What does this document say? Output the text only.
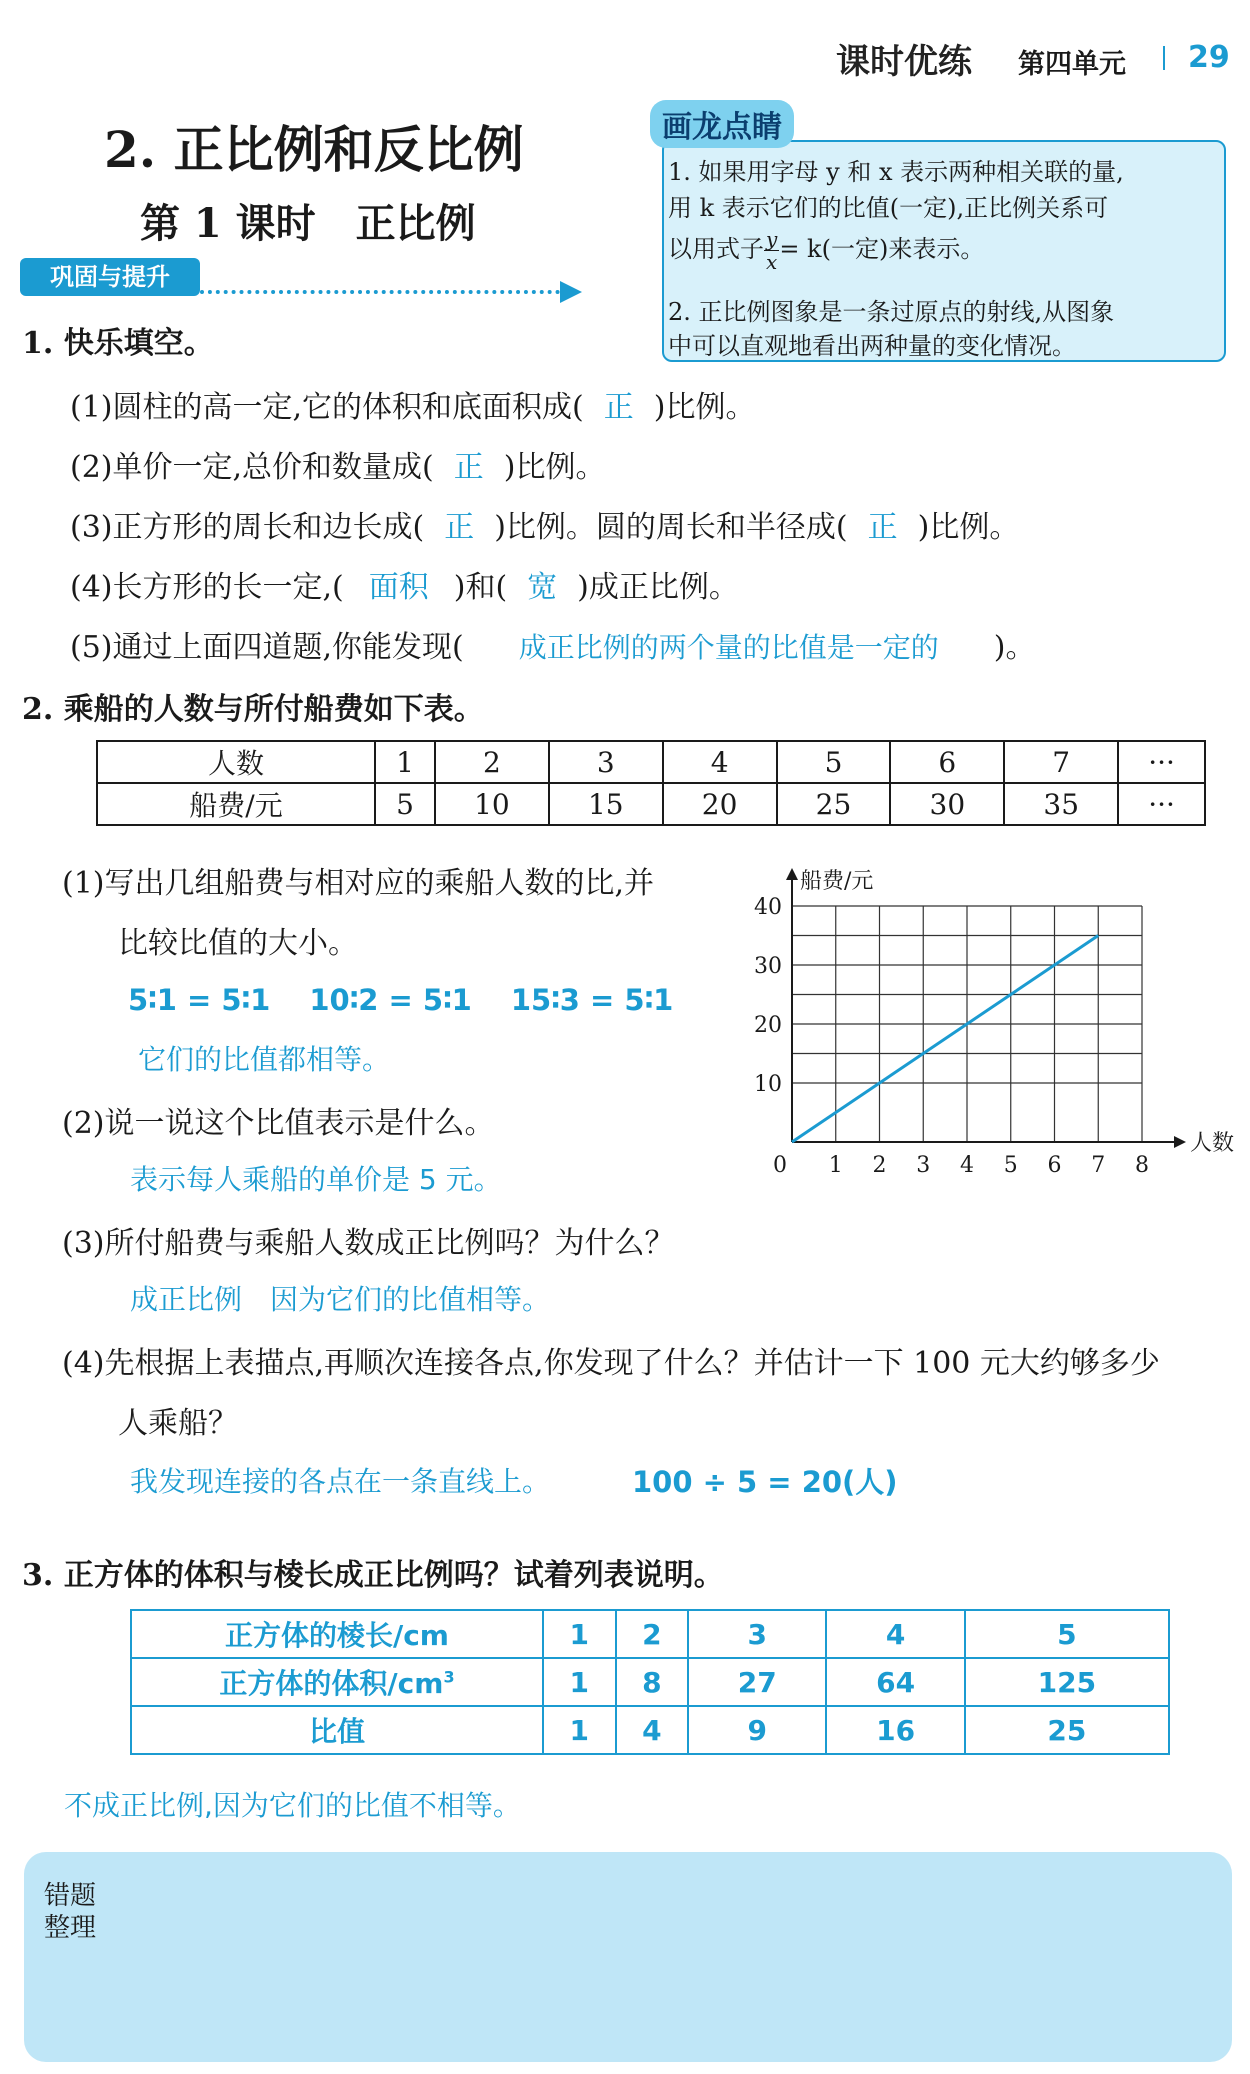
课时优练 第四单元 29
2. 正比例和反比例
第 1 课时　正比例
巩固与提升
画龙点睛
1. 如果用字母 y 和 x 表示两种相关联的量,
用 k 表示它们的比值(一定),正比例关系可
以用式子 $\frac{y}{x} = k$(一定)来表示。
2. 正比例图象是一条过原点的射线,从图象
中可以直观地看出两种量的变化情况。
1. 快乐填空。
(1)圆柱的高一定,它的体积和底面积成( 正 )比例。
(2)单价一定,总价和数量成( 正 )比例。
(3)正方形的周长和边长成( 正 )比例。圆的周长和半径成( 正 )比例。
(4)长方形的长一定,( 面积 )和( 宽 )成正比例。
(5)通过上面四道题,你能发现( 成正比例的两个量的比值是一定的 )。
2. 乘船的人数与所付船费如下表。
人数	1	2	3	4	5	6	7	···
船费/元	5	10	15	20	25	30	35	···
(1)写出几组船费与相对应的乘船人数的比,并
比较比值的大小。
5∶1 = 5∶1　 10∶2 = 5∶1　 15∶3 = 5∶1
它们的比值都相等。
(2)说一说这个比值表示是什么。
表示每人乘船的单价是 5 元。
(3)所付船费与乘船人数成正比例吗？为什么？
成正比例　因为它们的比值相等。
(4)先根据上表描点,再顺次连接各点,你发现了什么？并估计一下 100 元大约够多少
人乘船？
我发现连接的各点在一条直线上。	100 ÷ 5 = 20(人)
1 2 3 4 5 6 7 8
10
20
30
40
0
人数
船费/元
3. 正方体的体积与棱长成正比例吗？试着列表说明。
正方体的棱长/cm	1	2	3	4	5
正方体的体积$/cm^3$	1	8	27	64	125
比值	1	4	9	16	25
不成正比例,因为它们的比值不相等。
错题
整理
